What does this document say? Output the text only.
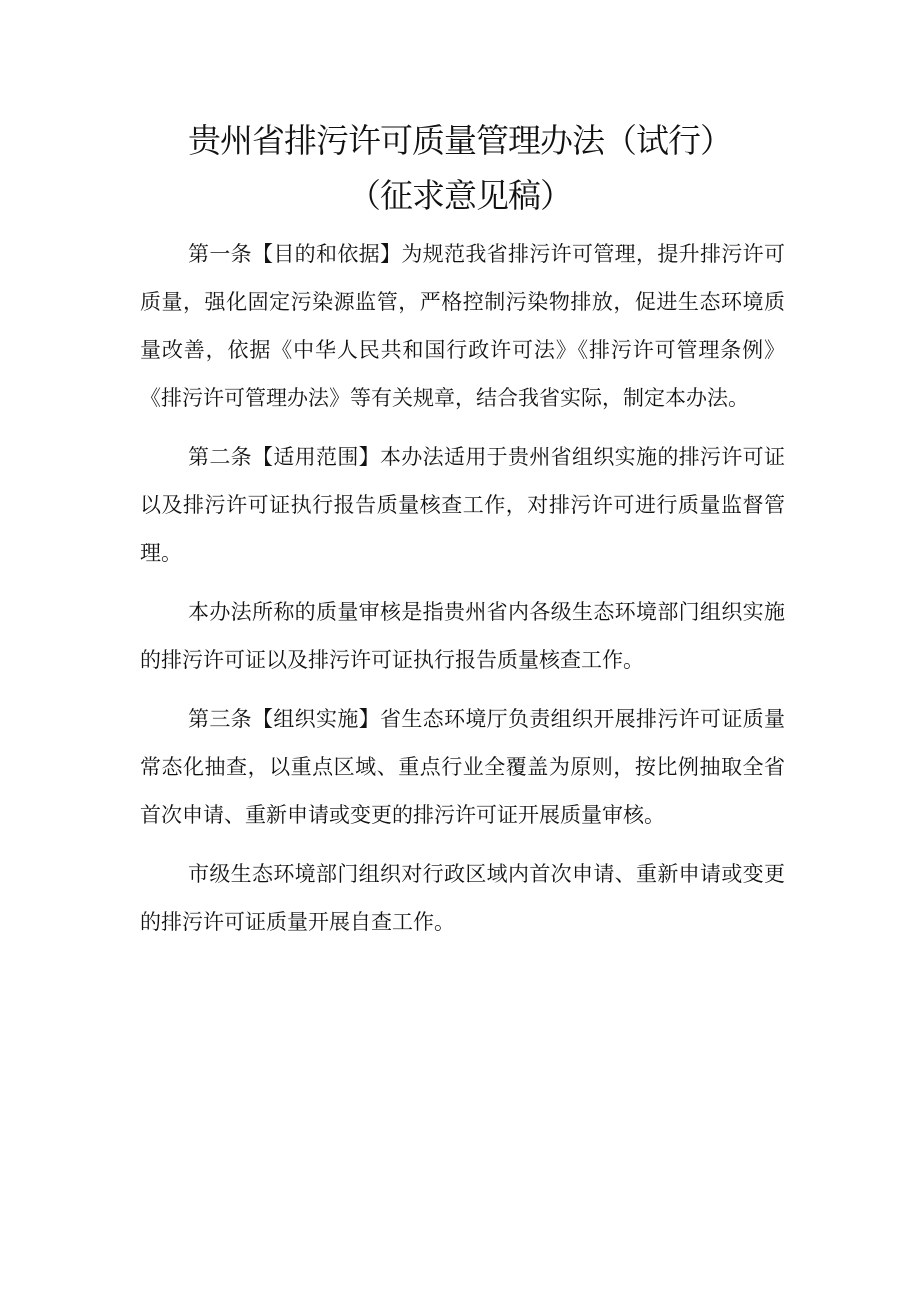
贵州省排污许可质量管理办法（试行）
（征求意见稿）

第一条【目的和依据】为规范我省排污许可管理，提升排污许可质量，强化固定污染源监管，严格控制污染物排放，促进生态环境质量改善，依据《中华人民共和国行政许可法》《排污许可管理条例》《排污许可管理办法》等有关规章，结合我省实际，制定本办法。

第二条【适用范围】本办法适用于贵州省组织实施的排污许可证以及排污许可证执行报告质量核查工作，对排污许可进行质量监督管理。

本办法所称的质量审核是指贵州省内各级生态环境部门组织实施的排污许可证以及排污许可证执行报告质量核查工作。

第三条【组织实施】省生态环境厅负责组织开展排污许可证质量常态化抽查，以重点区域、重点行业全覆盖为原则，按比例抽取全省首次申请、重新申请或变更的排污许可证开展质量审核。

市级生态环境部门组织对行政区域内首次申请、重新申请或变更的排污许可证质量开展自查工作。
